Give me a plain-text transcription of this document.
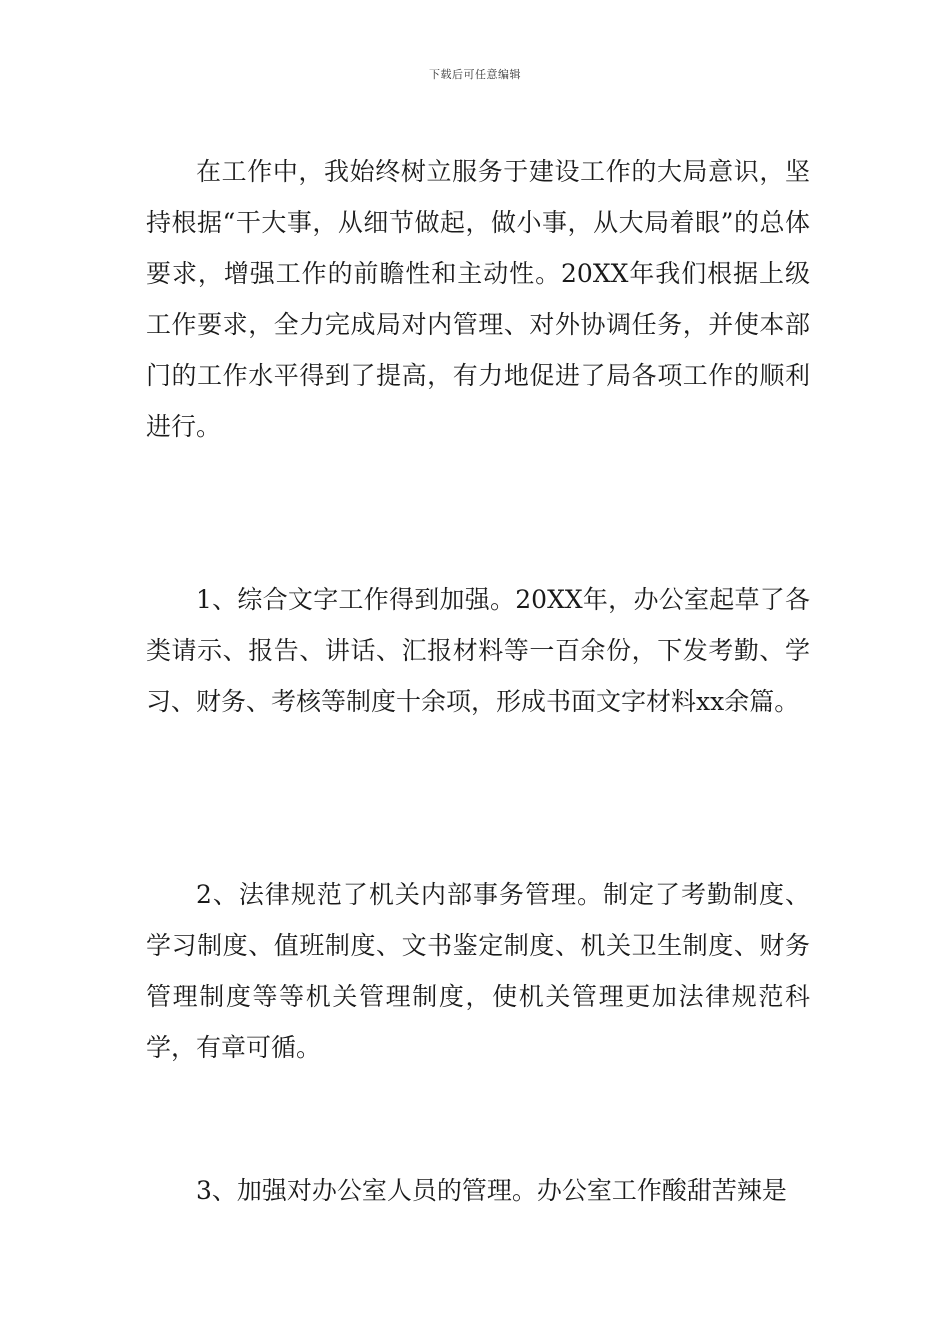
下载后可任意编辑

在工作中，我始终树立服务于建设工作的大局意识，坚持根据“干大事，从细节做起，做小事，从大局着眼”的总体要求，增强工作的前瞻性和主动性。20XX年我们根据上级工作要求，全力完成局对内管理、对外协调任务，并使本部门的工作水平得到了提高，有力地促进了局各项工作的顺利进行。

1、综合文字工作得到加强。20XX年，办公室起草了各类请示、报告、讲话、汇报材料等一百余份，下发考勤、学习、财务、考核等制度十余项，形成书面文字材料xx余篇。

2、法律规范了机关内部事务管理。制定了考勤制度、学习制度、值班制度、文书鉴定制度、机关卫生制度、财务管理制度等等机关管理制度，使机关管理更加法律规范科学，有章可循。

3、加强对办公室人员的管理。办公室工作酸甜苦辣是
